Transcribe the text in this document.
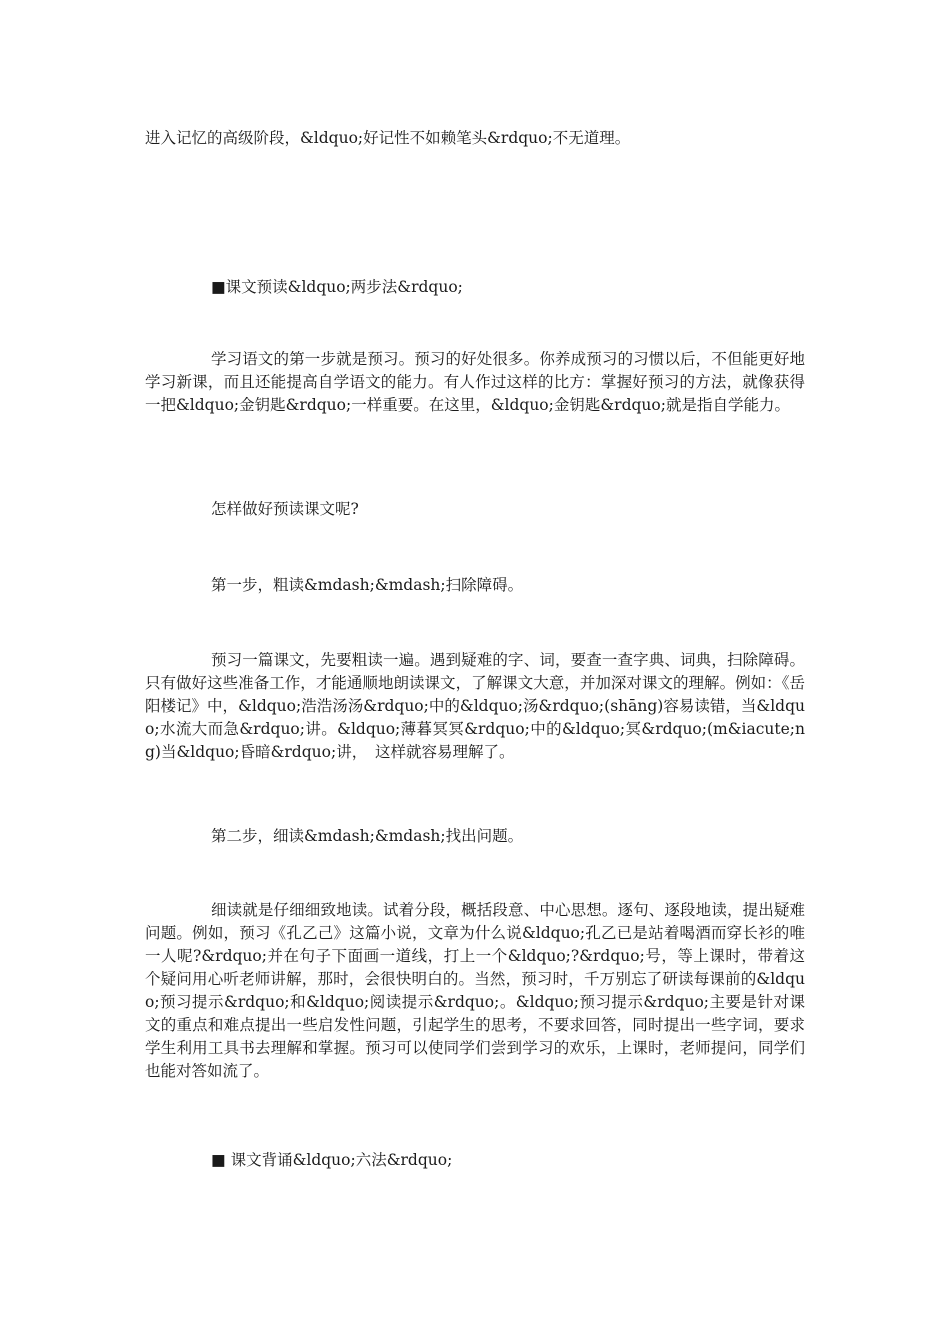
进入记忆的高级阶段，&ldquo;好记性不如赖笔头&rdquo;不无道理。

■课文预读&ldquo;两步法&rdquo;

学习语文的第一步就是预习。预习的好处很多。你养成预习的习惯以后，不但能更好地学习新课，而且还能提高自学语文的能力。有人作过这样的比方：掌握好预习的方法，就像获得一把&ldquo;金钥匙&rdquo;一样重要。在这里，&ldquo;金钥匙&rdquo;就是指自学能力。

怎样做好预读课文呢?

第一步，粗读&mdash;&mdash;扫除障碍。

预习一篇课文，先要粗读一遍。遇到疑难的字、词，要查一查字典、词典，扫除障碍。只有做好这些准备工作，才能通顺地朗读课文，了解课文大意，并加深对课文的理解。例如：《岳阳楼记》中，&ldquo;浩浩汤汤&rdquo;中的&ldquo;汤&rdquo;(shāng)容易读错，当&ldquo;水流大而急&rdquo;讲。&ldquo;薄暮冥冥&rdquo;中的&ldquo;冥&rdquo;(m&iacute;ng)当&ldquo;昏暗&rdquo;讲，　这样就容易理解了。

第二步，细读&mdash;&mdash;找出问题。

细读就是仔细细致地读。试着分段，概括段意、中心思想。逐句、逐段地读，提出疑难问题。例如，预习《孔乙己》这篇小说，文章为什么说&ldquo;孔乙已是站着喝酒而穿长衫的唯一人呢?&rdquo;并在句子下面画一道线，打上一个&ldquo;?&rdquo;号，等上课时，带着这个疑问用心听老师讲解，那时，会很快明白的。当然，预习时，千万别忘了研读每课前的&ldquo;预习提示&rdquo;和&ldquo;阅读提示&rdquo;。&ldquo;预习提示&rdquo;主要是针对课文的重点和难点提出一些启发性问题，引起学生的思考，不要求回答，同时提出一些字词，要求学生利用工具书去理解和掌握。预习可以使同学们尝到学习的欢乐，上课时，老师提问，同学们也能对答如流了。

■ 课文背诵&ldquo;六法&rdquo;
